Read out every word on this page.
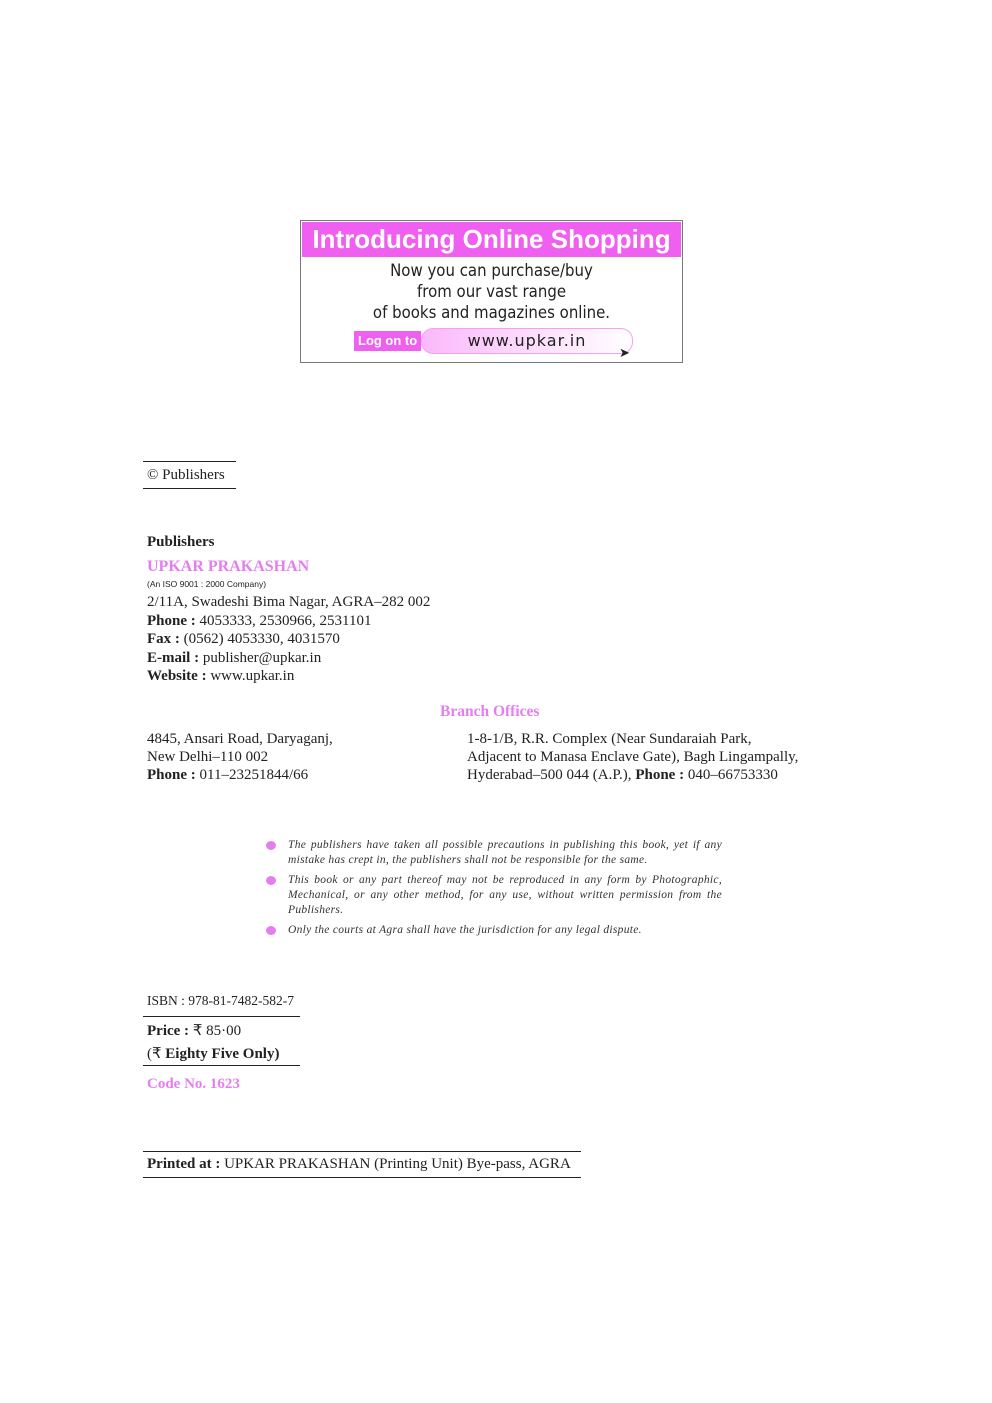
Introducing Online Shopping
Now you can purchase/buy
from our vast range
of books and magazines online.
Log on to	www.upkar.in
➤
© Publishers
Publishers
UPKAR PRAKASHAN
(An ISO 9001 : 2000 Company)
2/11A, Swadeshi Bima Nagar, AGRA–282 002
Phone : 4053333, 2530966, 2531101
Fax : (0562) 4053330, 4031570
E-mail : publisher@upkar.in
Website : www.upkar.in
Branch Offices
4845, Ansari Road, Daryaganj,
New Delhi–110 002
Phone : 011–23251844/66
1-8-1/B, R.R. Complex (Near Sundaraiah Park,
Adjacent to Manasa Enclave Gate), Bagh Lingampally,
Hyderabad–500 044 (A.P.), Phone : 040–66753330
The publishers have taken all possible precautions in publishing this book, yet if any mistake has crept in, the publishers shall not be responsible for the same.
This book or any part thereof may not be reproduced in any form by Photographic, Mechanical, or any other method, for any use, without written permission from the Publishers.
Only the courts at Agra shall have the jurisdiction for any legal dispute.
ISBN : 978-81-7482-582-7
Price : ₹ 85·00
(₹ Eighty Five Only)
Code No. 1623
Printed at : UPKAR PRAKASHAN (Printing Unit) Bye-pass, AGRA
